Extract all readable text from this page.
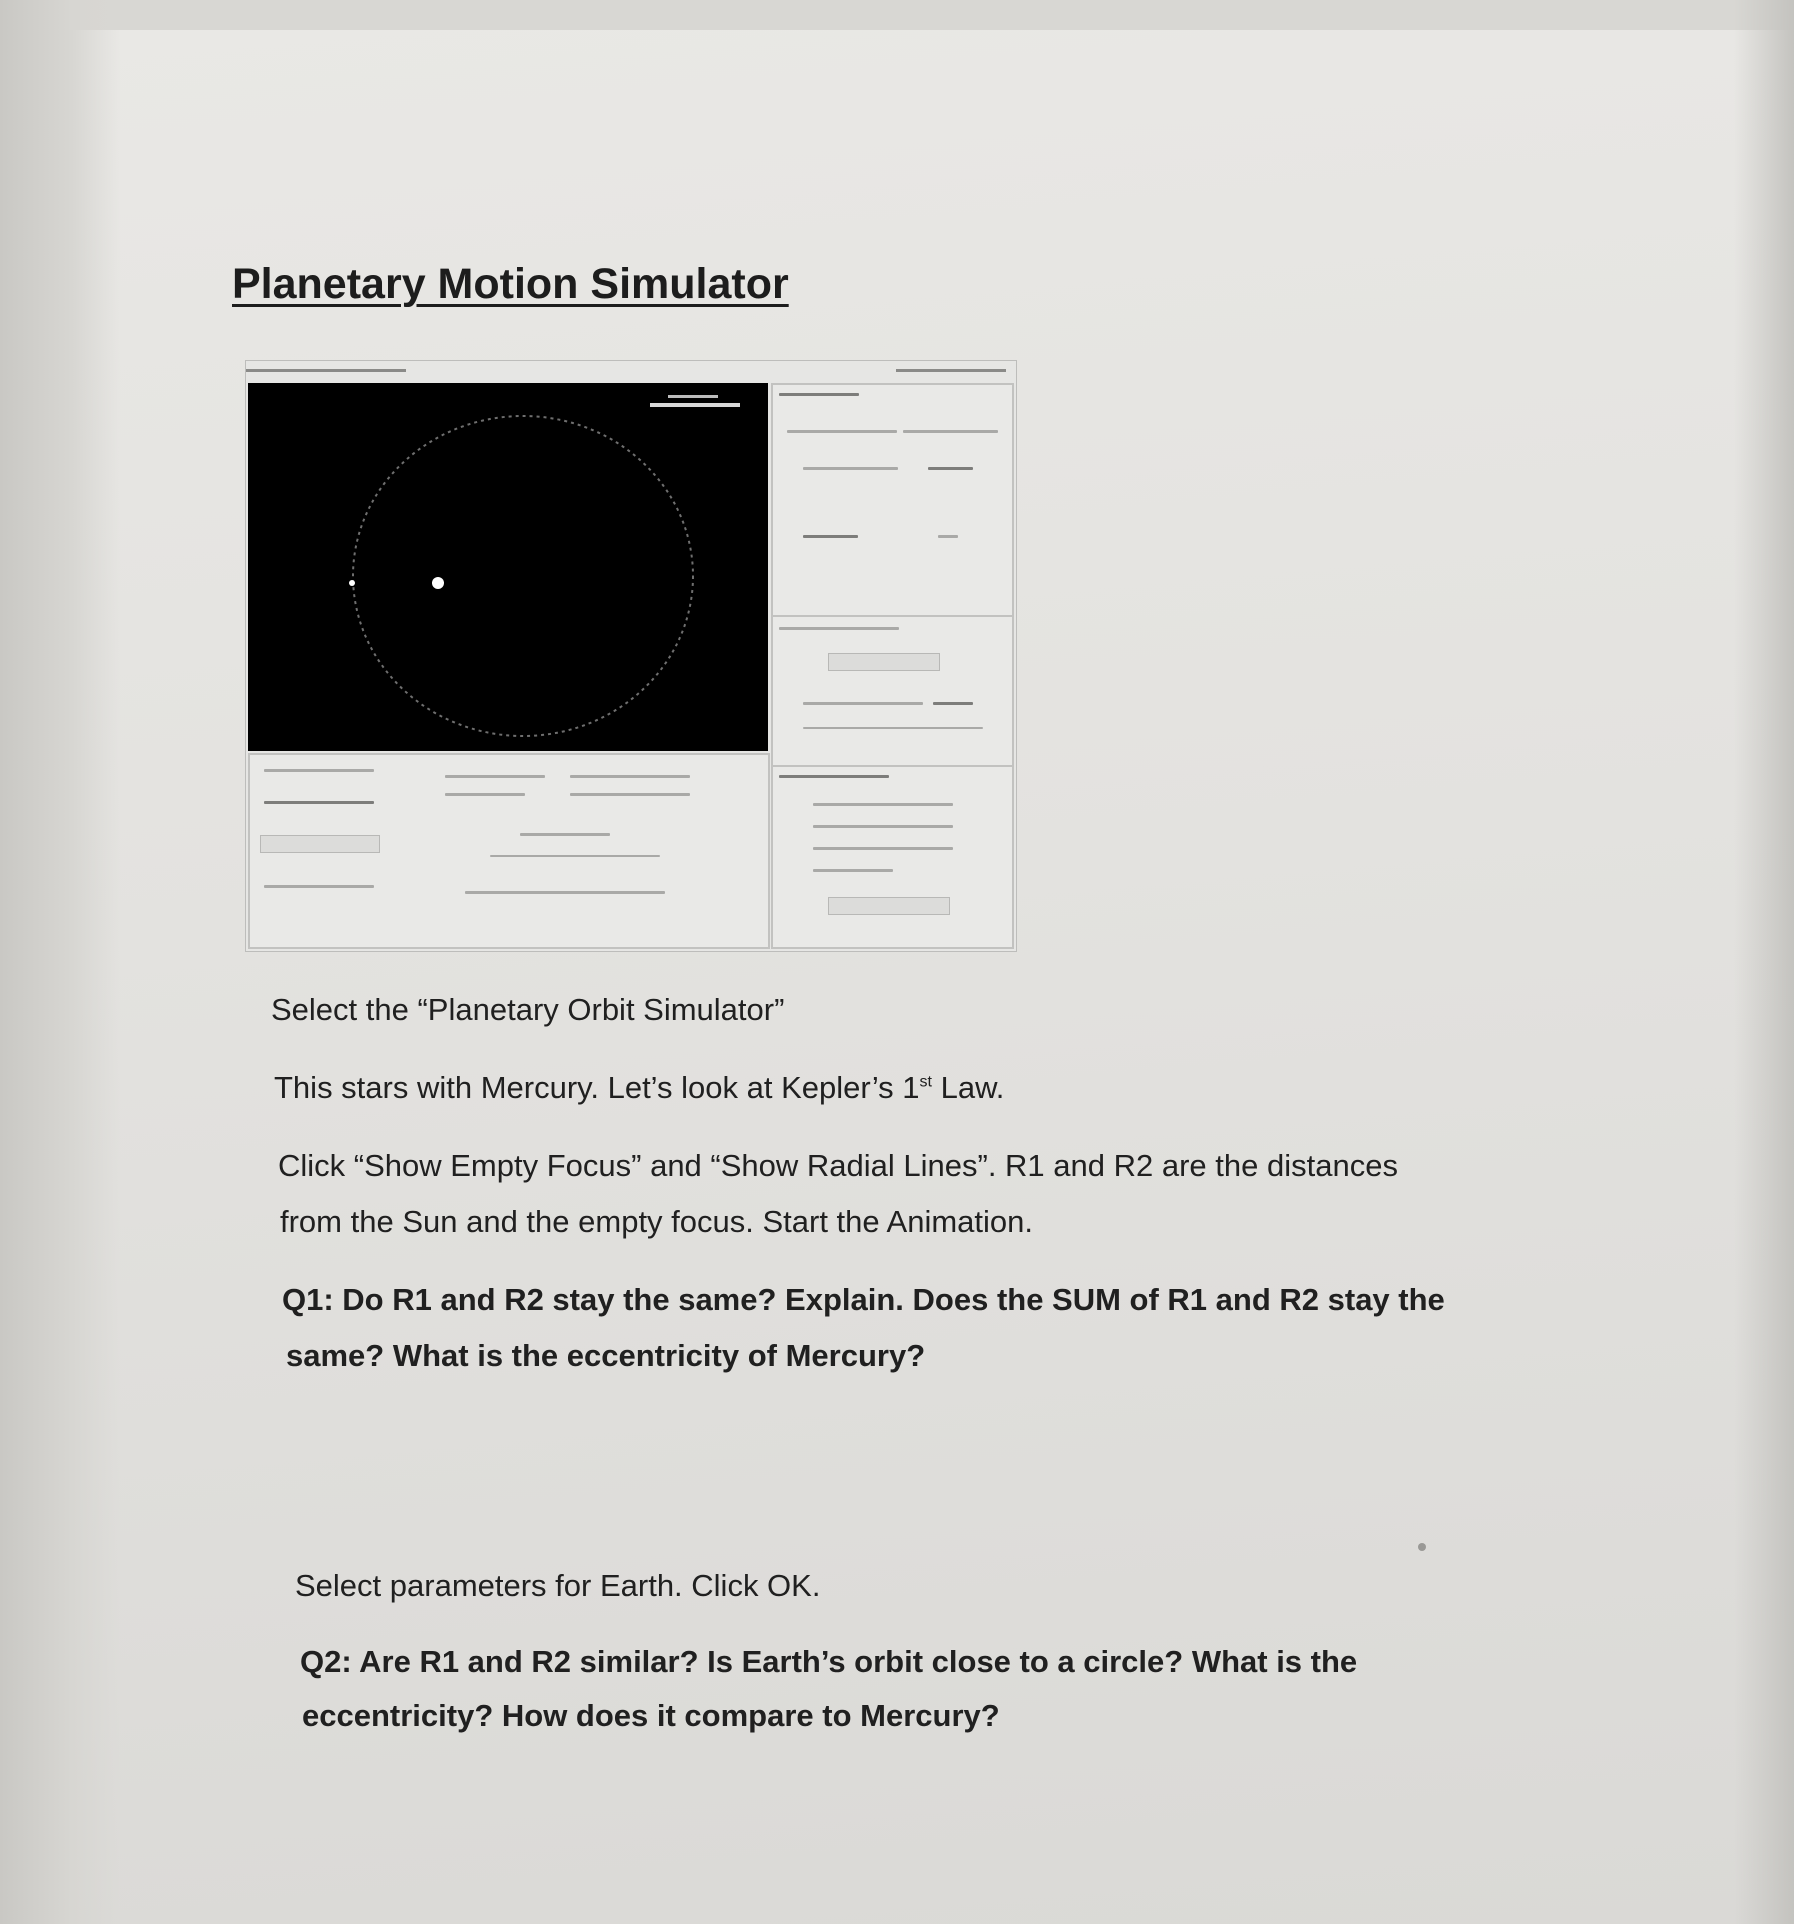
Planetary Motion Simulator
Select the “Planetary Orbit Simulator”
This stars with Mercury. Let’s look at Kepler’s 1st Law.
Click “Show Empty Focus” and “Show Radial Lines”. R1 and R2 are the distances
from the Sun and the empty focus. Start the Animation.
Q1: Do R1 and R2 stay the same? Explain. Does the SUM of R1 and R2 stay the
same? What is the eccentricity of Mercury?
Select parameters for Earth. Click OK.
Q2: Are R1 and R2 similar? Is Earth’s orbit close to a circle? What is the
eccentricity? How does it compare to Mercury?
